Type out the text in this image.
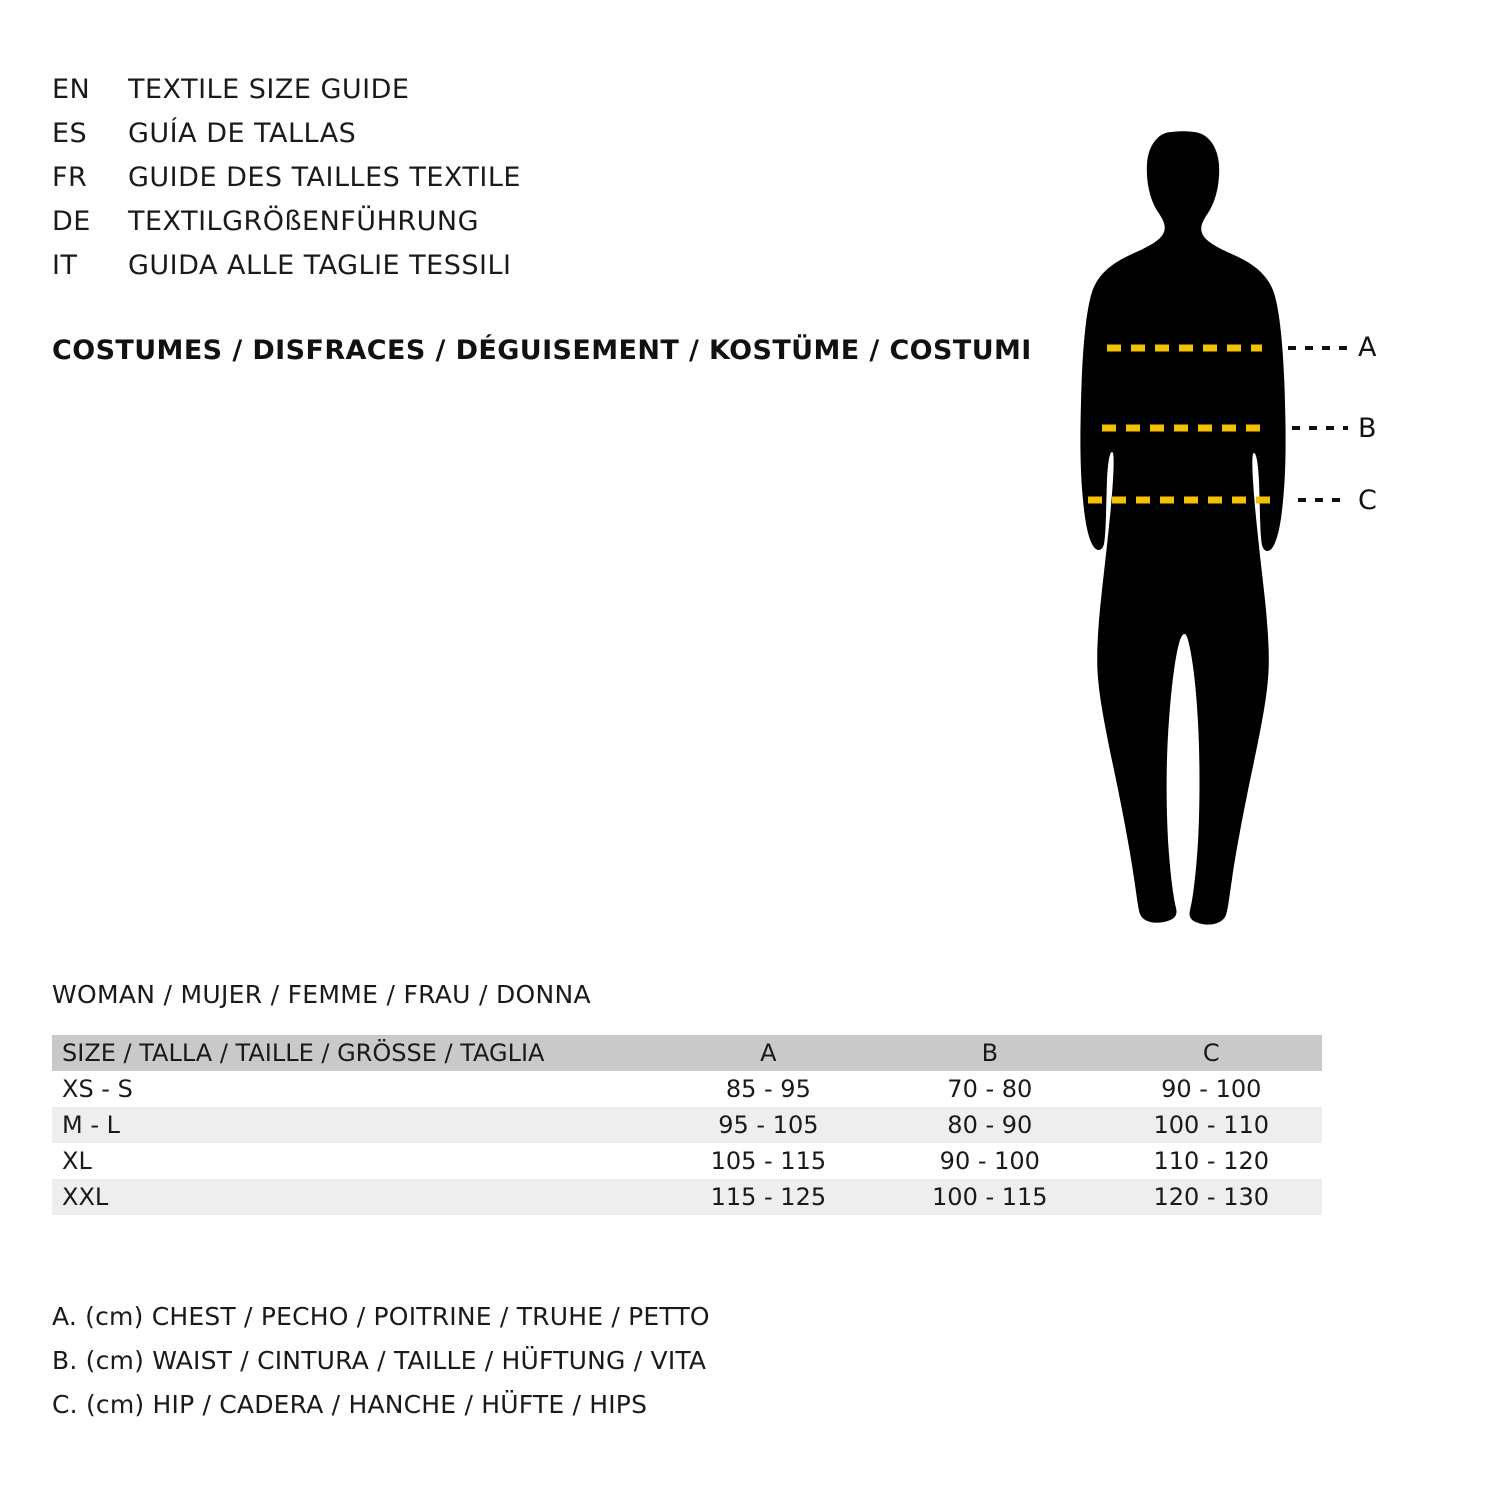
EN	TEXTILE SIZE GUIDE
ES	GUÍA DE TALLAS
FR	GUIDE DES TAILLES TEXTILE
DE	TEXTILGRÖßENFÜHRUNG
IT	GUIDA ALLE TAGLIE TESSILI
COSTUMES / DISFRACES / DÉGUISEMENT / KOSTÜME / COSTUMI	A
B
C
WOMAN / MUJER / FEMME / FRAU / DONNA
SIZE / TALLA / TAILLE / GRÖSSE / TAGLIA	A	B	C
XS - S	85 - 95	70 - 80	90 - 100
M - L	95 - 105	80 - 90	100 - 110
XL	105 - 115	90 - 100	110 - 120
XXL	115 - 125	100 - 115	120 - 130
A. (cm) CHEST / PECHO / POITRINE / TRUHE / PETTO
B. (cm) WAIST / CINTURA / TAILLE / HÜFTUNG / VITA
C. (cm) HIP / CADERA / HANCHE / HÜFTE / HIPS
